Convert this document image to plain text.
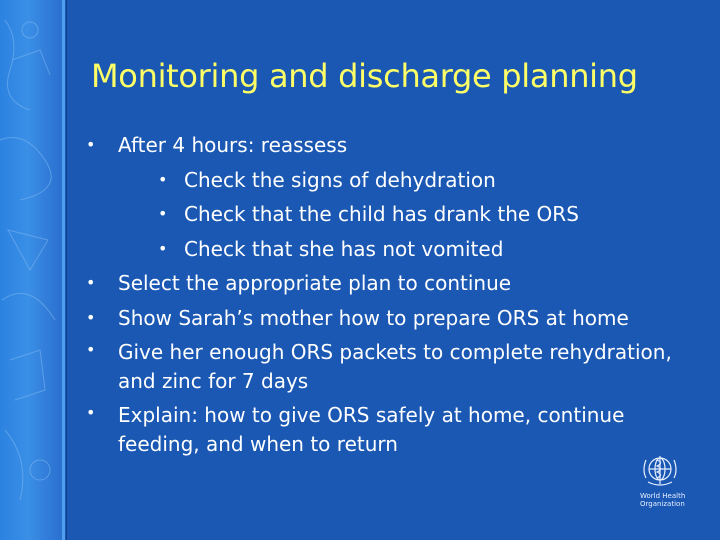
Monitoring and discharge planning
• After 4 hours: reassess
• Check the signs of dehydration
• Check that the child has drank the ORS
• Check that she has not vomited
• Select the appropriate plan to continue
• Show Sarah’s mother how to prepare ORS at home
• Give her enough ORS packets to complete rehydration, and zinc for 7 days
• Explain: how to give ORS safely at home, continue feeding, and when to return
World Health
Organization
